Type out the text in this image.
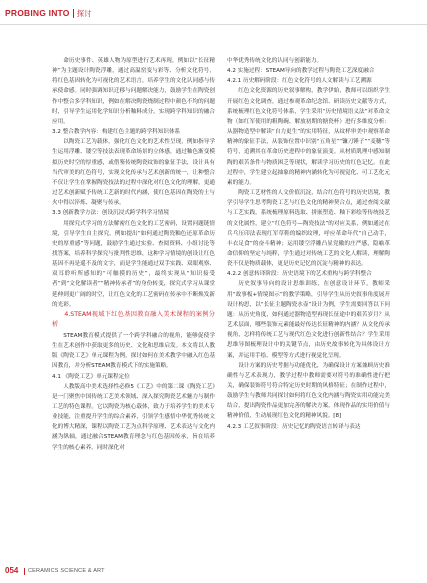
PROBING INTO 探讨

命历史事件、英雄人物为原型进行艺术再现，例如以“长征精神”为主题设计陶瓷浮雕，通过高温窑变与彩等、分析文化符号，将红色基因转化为可视化的艺术语言，培养学生的文化认同感与传承使命感。同时强调知识迁移与问题解决能力，鼓励学生在陶瓷创作中整合多学科知识，例如在解决陶瓷烧制过程中颜色不均的问题时，引导学生运用化学知识分析釉料成分，实现跨学科知识的融合应用。

3.2 整合教学内容：构建红色主题的跨学科知识体系

以陶瓷工艺为载体，强化红色文化的艺术性呈现，例如指导学生运用浮雕、镂空等技法表现革命场景的立体感，通过釉色渐变模拟历史时空的厚重感，或借鉴传统陶瓷纹饰的象征手法，设计具有当代审美的红色符号，实现文化传承与艺术创新的统一，让种整合不仅让学生在掌握陶瓷技法的过程中深化对红色文化的理解，更通过艺术创新赋予传统工艺新的时代内涵，使红色基因在陶瓷的土与火中得以淬炼、凝聚与传承。

3.3 创新教学方法：创设沉浸式跨学科学习情境

用探究式学习的方法解密红色文化的工艺密码，设置问题链情境，引导学生自主探究，例如提出“如何通过陶瓷釉色还原革命历史的厚重感”等问题，鼓励学生通过实验、查阅资料、小组讨论等找答案，培养科学探究与批判性思维，这种学习情境的创设让红色基因不再是遥不及的文字，而是学生能通过双手实践、双眼观察、双耳聆听所感知的“可触摸的历史”，最终实现从“知识接受者”到“文化解读者”“精神传承者”的身份转变，探究式学习从课堂延伸到更广阔的时空，让红色文化的工艺密码在传承中不断焕发新的光彩。

4.STEAM视域下红色基因教育融入美术课程的案例分析

STEAM教育模式提供了一个跨学科融合的视角，能够促使学生在艺术创作中获取更多的历史、文化和思维启发。本文将以人教版《陶瓷工艺》单元课程为例，探讨如何在美术教学中融入红色基因教育，并分析STEAM教育模式下的实施策略。

4.1 《陶瓷工艺》单元课程定位

人教版高中美术选择性必修5《工艺》中的第二课《陶瓷工艺》是一门聚焦中国传统工艺美术领域、深入探究陶瓷艺术魅力与制作工艺的特色课程。它以陶瓷为核心载体，致力于培养学生的美术专业技能，注重提升学生的综合素养，引领学生感悟中华优秀传统文化的博大精深，课程以陶瓷工艺为点科学原理、艺术表达与文化内涵为纵轴，通过融合STEAM教育理念与红色基因传承，旨在培养学生的核心素养，同时深化对

中华优秀传统文化的认同与创新能力。

4.2 实施过程：STEAM导向的教学过程与陶瓷工艺深度融合

4.2.1 历史解码阶段：红色文化符号的人文解读与工艺溯源

红色文化资源的历史叙事解构，教学伊始，教师可以组织学生开展红色文化调查，通过参观革命纪念馆、研读历史文献等方式，系统梳理红色文化符号体系，学生采用“历史情境语义法”对革命文物（如红军使用的粗陶碗、解放初期的搪瓷杯）进行多维度分析：从器物造型中解读“自力更生”的实用特征，从纹样审美中观察革命精神的象征手法，从装饰位置中识别“五角星”“镰刀锤子”“麦穗”等符号，追溯其在革命历史进程中的象征演变。从材质肌理中感知制陶的艰苦条件与物质困乏等现状，解读学习历史的红色记忆。在此过程中，学生建立起抽象的精神内涵转化为可视觉化、可工艺化元素的能力。

陶瓷工艺材性的人文价值沉淀，结合红色符号的历史语境，教学引导学生思考陶瓷工艺与红色文化的精神契合点，通过查阅文献与工艺实践，系统梳理原料选取、拼嵌塑造、釉下彩绘等传统技艺的文化属性，建立“红色符号—陶瓷技法”的对应关系，例如通过在兵乓压印法表现红军草鞋的编织纹理，呼应革命年代“自己动手，丰衣足食”的奋斗精神；运用镂空浮雕凸显党徽的庄严感，隐喻革命信仰的坚定与纯粹，学生通过对传统工艺的文化人解读，理解陶瓷不仅是物质载体，更是历史记忆的沉淀与精神的表达。

4.2.2 创意转译阶段：历史语境下的艺术重构与跨学科整合

历史叙事导向的设计思维训练，在创意设计环节，教师采用“故事板+情境图示”的教学策略，引导学生从历史叙事角度展开设计构思，以“长征主题陶瓷水壶”设计为例，学生需要回答以下问题：从历史角度，如何通过器物造型再现长征途中的艰苦岁月？从艺术层面，哪些装饰元素能最好传达长征精神的内涵？从文化传承视角，怎样将传统工艺与现代红色文化进行创新性结合？学生采用思维导图梳理设计中的关键节点，由历史故事转化为具体设计方案，并运用手绘、模型等方式进行视觉化呈现。

设计方案的历史考据与功能优化，为确保设计方案兼顾历史准确性与艺术表现力，教学过程中教师需要对符号的准确性进行把关，确保装饰符号符合特定历史时期的风格特征；在制作过程中，鼓励学生与教师共同探讨如何将红色文化内涵与陶瓷实用功能完美结合，提出陶瓷作品更加完善的解决方案，体现作品的实用价值与精神价值，生动展现红色文化的精神风貌。[8]

4.2.3 工艺叙事阶段：历史记忆的陶瓷语言转译与表达

054 CERAMICS SCIENCE & ART
